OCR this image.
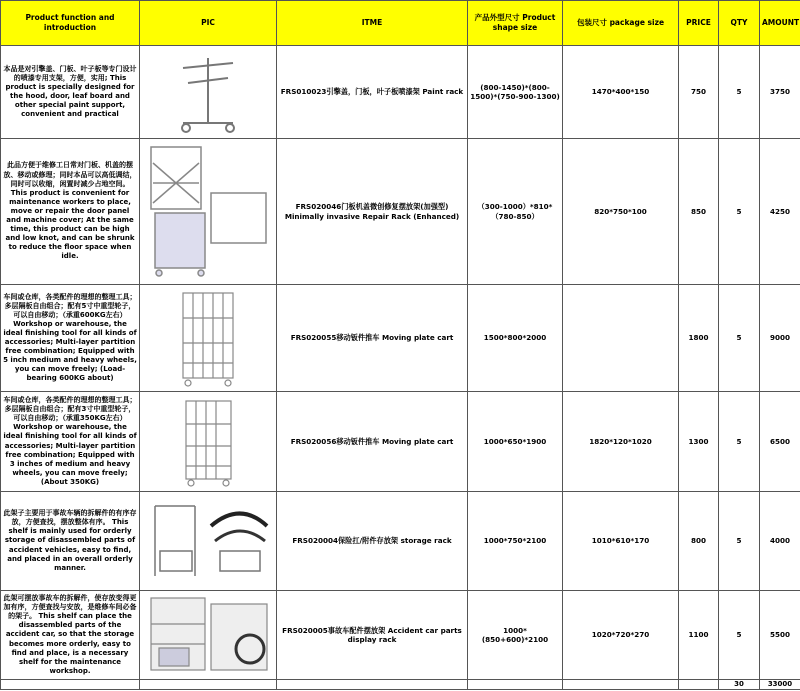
Product function and introduction	PIC	ITME	产品外型尺寸 Product shape size	包装尺寸 package size	PRICE	QTY	AMOUNT
本品是对引擎盖、门板、叶子板等专门设计的喷漆专用支架，方便，实用; This product is specially designed for the hood, door, leaf board and other special paint support, convenient and practical		FRS010023引擎盖，门板，叶子板喷漆架 Paint rack	(800-1450)*(800-1500)*(750-900-1300)	1470*400*150	750	5	3750
此品方便于维修工日常对门板、机盖的摆放、移动或修理；同时本品可以高低调结，同时可以收缩，闲置时减少占地空间。 This product is convenient for maintenance workers to place, move or repair the door panel and machine cover; At the same time, this product can be high and low knot, and can be shrunk to reduce the floor space when idle.		FRS020046门板机盖微创修复摆放架(加强型) Minimally invasive Repair Rack (Enhanced)	（300-1000）*810*（780-850）	820*750*100	850	5	4250
车间或仓库，各类配件的理想的整理工具；多层隔板自由组合；配有5寸中重型轮子，可以自由移动；（承重600KG左右） Workshop or warehouse, the ideal finishing tool for all kinds of accessories; Multi-layer partition free combination; Equipped with 5 inch medium and heavy wheels, you can move freely; (Load-bearing 600KG about)		FRS020055移动钣件推车 Moving plate cart	1500*800*2000		1800	5	9000
车间或仓库，各类配件的理想的整理工具；多层隔板自由组合；配有3寸中重型轮子，可以自由移动；（承重350KG左右） Workshop or warehouse, the ideal finishing tool for all kinds of accessories; Multi-layer partition free combination; Equipped with 3 inches of medium and heavy wheels, you can move freely; (About 350KG)		FRS020056移动钣件推车 Moving plate cart	1000*650*1900	1820*120*1020	1300	5	6500
此架子主要用于事故车辆的拆解件的有序存放，方便查找，摆放整体有序。 This shelf is mainly used for orderly storage of disassembled parts of accident vehicles, easy to find, and placed in an overall orderly manner.		FRS020004保险扛/附件存放架 storage rack	1000*750*2100	1010*610*170	800	5	4000
此架可摆放事故车的拆解件，使存放变得更加有序，方便查找与安放，是维修车间必备的架子。 This shelf can place the disassembled parts of the accident car, so that the storage becomes more orderly, easy to find and place, is a necessary shelf for the maintenance workshop.		FRS020005事故车配件摆放架 Accident car parts display rack	1000*(850+600)*2100	1020*720*270	1100	5	5500
						30	33000
